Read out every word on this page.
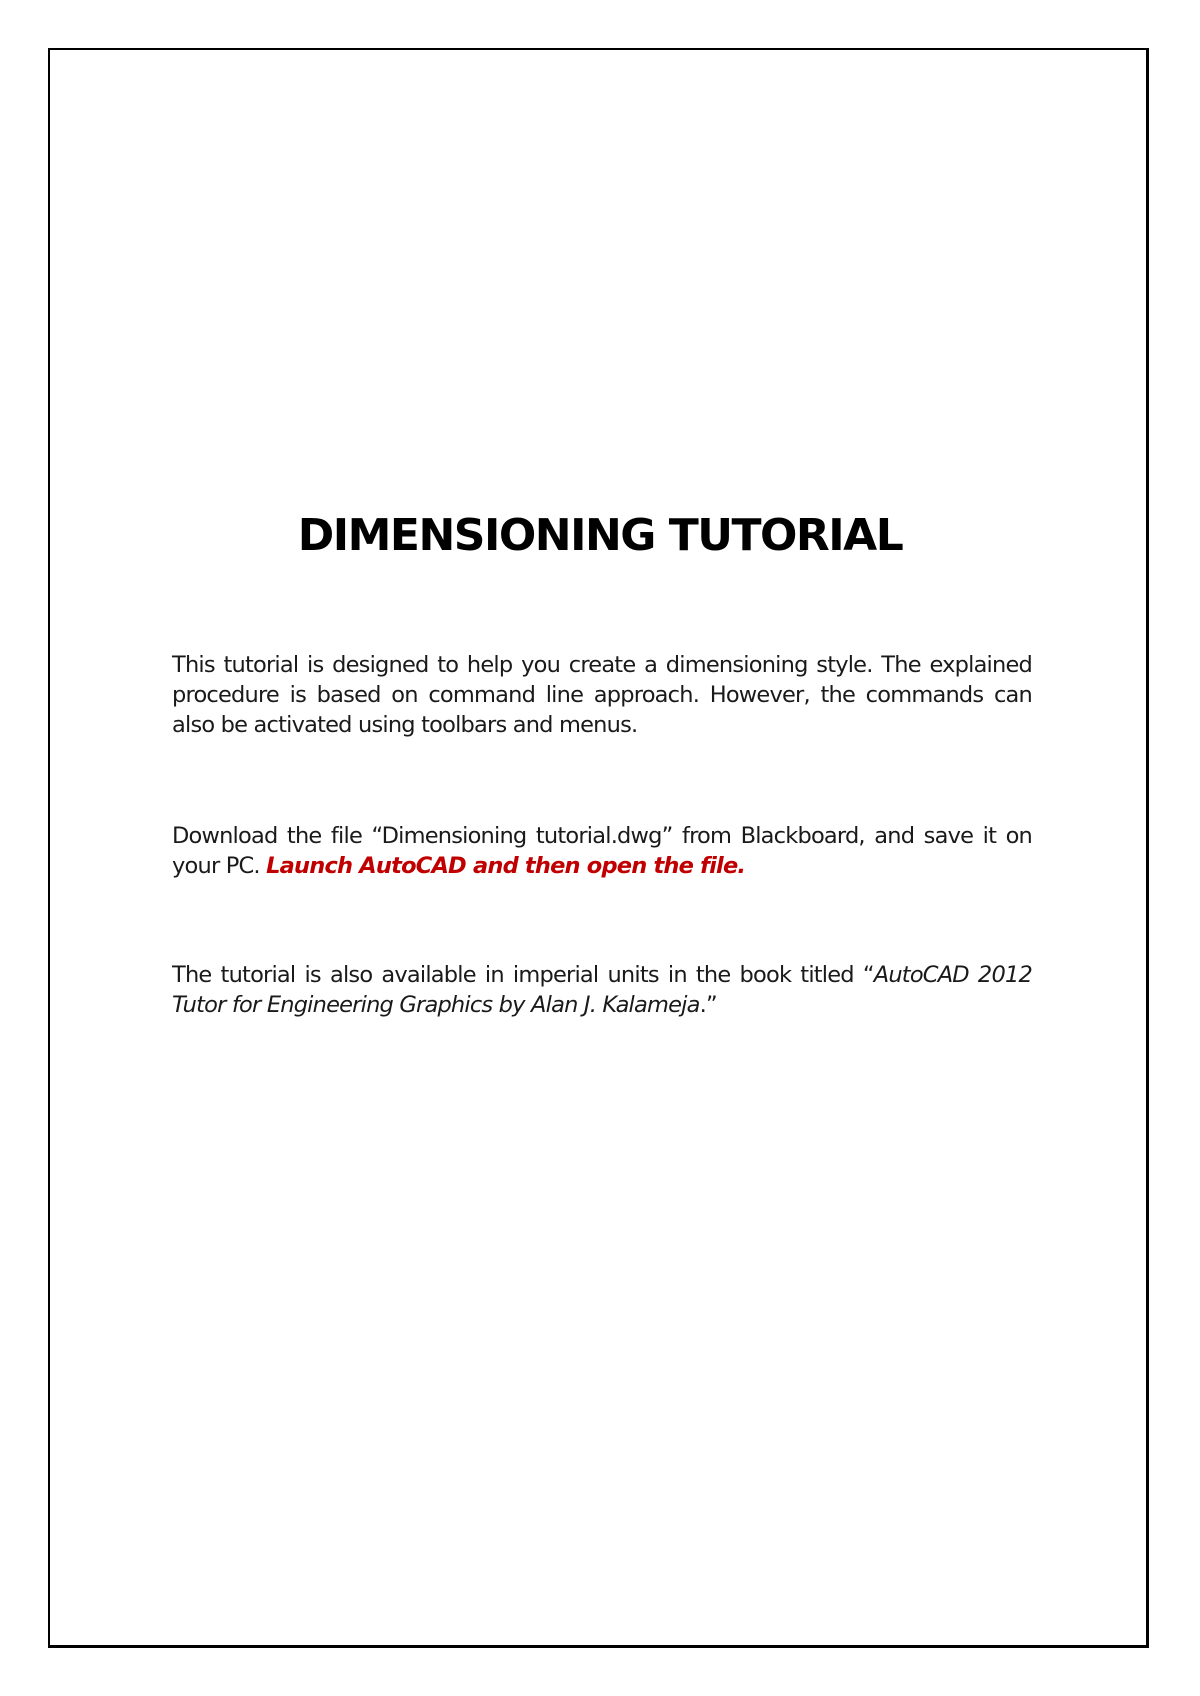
DIMENSIONING TUTORIAL

This tutorial is designed to help you create a dimensioning style. The explained procedure is based on command line approach. However, the commands can also be activated using toolbars and menus.

Download the file “Dimensioning tutorial.dwg” from Blackboard, and save it on your PC. Launch AutoCAD and then open the file.

The tutorial is also available in imperial units in the book titled “AutoCAD 2012 Tutor for Engineering Graphics by Alan J. Kalameja.”
